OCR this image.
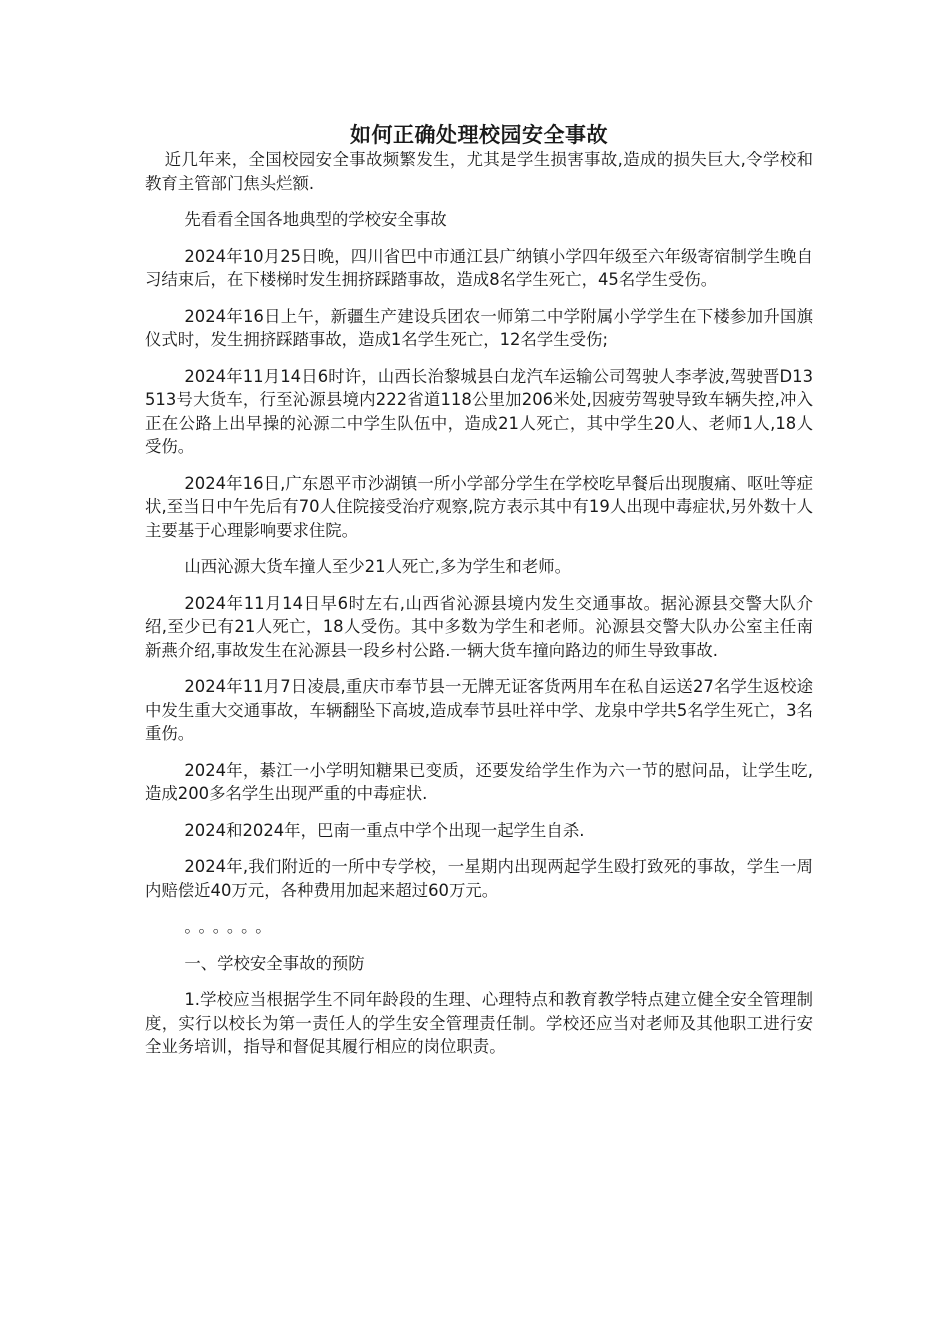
如何正确处理校园安全事故

近几年来，全国校园安全事故频繁发生，尤其是学生损害事故,造成的损失巨大,令学校和教育主管部门焦头烂额.

先看看全国各地典型的学校安全事故

2024年10月25日晚，四川省巴中市通江县广纳镇小学四年级至六年级寄宿制学生晚自习结束后，在下楼梯时发生拥挤踩踏事故，造成8名学生死亡，45名学生受伤。

2024年16日上午，新疆生产建设兵团农一师第二中学附属小学学生在下楼参加升国旗仪式时，发生拥挤踩踏事故，造成1名学生死亡，12名学生受伤;

2024年11月14日6时许，山西长治黎城县白龙汽车运输公司驾驶人李孝波,驾驶晋D13513号大货车，行至沁源县境内222省道118公里加206米处,因疲劳驾驶导致车辆失控,冲入正在公路上出早操的沁源二中学生队伍中，造成21人死亡，其中学生20人、老师1人,18人受伤。

2024年16日,广东恩平市沙湖镇一所小学部分学生在学校吃早餐后出现腹痛、呕吐等症状,至当日中午先后有70人住院接受治疗观察,院方表示其中有19人出现中毒症状,另外数十人主要基于心理影响要求住院。

山西沁源大货车撞人至少21人死亡,多为学生和老师。

2024年11月14日早6时左右,山西省沁源县境内发生交通事故。据沁源县交警大队介绍,至少已有21人死亡，18人受伤。其中多数为学生和老师。沁源县交警大队办公室主任南新燕介绍,事故发生在沁源县一段乡村公路.一辆大货车撞向路边的师生导致事故.

2024年11月7日凌晨,重庆市奉节县一无牌无证客货两用车在私自运送27名学生返校途中发生重大交通事故，车辆翻坠下高坡,造成奉节县吐祥中学、龙泉中学共5名学生死亡，3名重伤。

2024年，綦江一小学明知糖果已变质，还要发给学生作为六一节的慰问品，让学生吃,造成200多名学生出现严重的中毒症状.

2024和2024年，巴南一重点中学个出现一起学生自杀.

2024年,我们附近的一所中专学校，一星期内出现两起学生殴打致死的事故，学生一周内赔偿近40万元，各种费用加起来超过60万元。

。。。。。。

一、学校安全事故的预防

1.学校应当根据学生不同年龄段的生理、心理特点和教育教学特点建立健全安全管理制度，实行以校长为第一责任人的学生安全管理责任制。学校还应当对老师及其他职工进行安全业务培训，指导和督促其履行相应的岗位职责。
